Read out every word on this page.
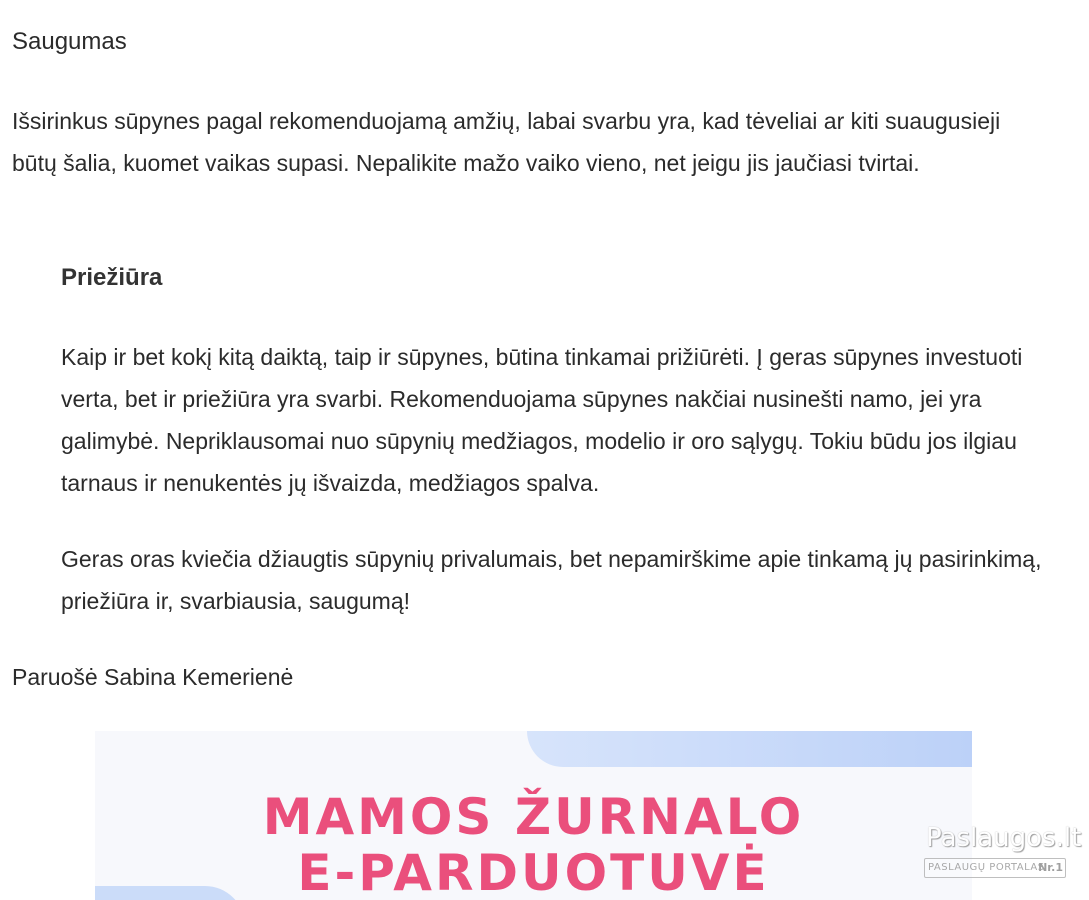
Saugumas

Išsirinkus sūpynes pagal rekomenduojamą amžių, labai svarbu yra, kad tėveliai ar kiti suaugusieji būtų šalia, kuomet vaikas supasi. Nepalikite mažo vaiko vieno, net jeigu jis jaučiasi tvirtai.

Priežiūra

Kaip ir bet kokį kitą daiktą, taip ir sūpynes, būtina tinkamai prižiūrėti. Į geras sūpynes investuoti verta, bet ir priežiūra yra svarbi. Rekomenduojama sūpynes nakčiai nusinešti namo, jei yra galimybė. Nepriklausomai nuo sūpynių medžiagos, modelio ir oro sąlygų. Tokiu būdu jos ilgiau tarnaus ir nenukentės jų išvaizda, medžiagos spalva.

Geras oras kviečia džiaugtis sūpynių privalumais, bet nepamirškime apie tinkamą jų pasirinkimą, priežiūra ir, svarbiausia, saugumą!

Paruošė Sabina Kemerienė

MAMOS ŽURNALO

E-PARDUOTUVĖ

Paslaugos.lt
PASLAUGŲ PORTALAS
Nr.1
